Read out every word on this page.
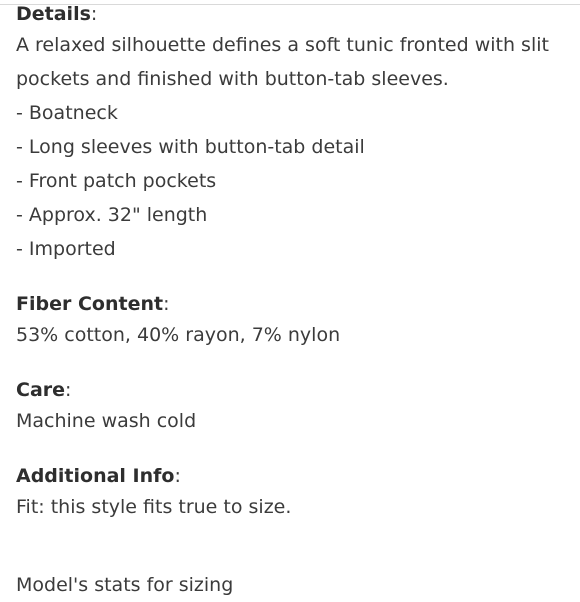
Details:
A relaxed silhouette defines a soft tunic fronted with slit
pockets and finished with button-tab sleeves.
- Boatneck
- Long sleeves with button-tab detail
- Front patch pockets
- Approx. 32" length
- Imported
Fiber Content:
53% cotton, 40% rayon, 7% nylon
Care:
Machine wash cold
Additional Info:
Fit: this style fits true to size.
Model's stats for sizing
